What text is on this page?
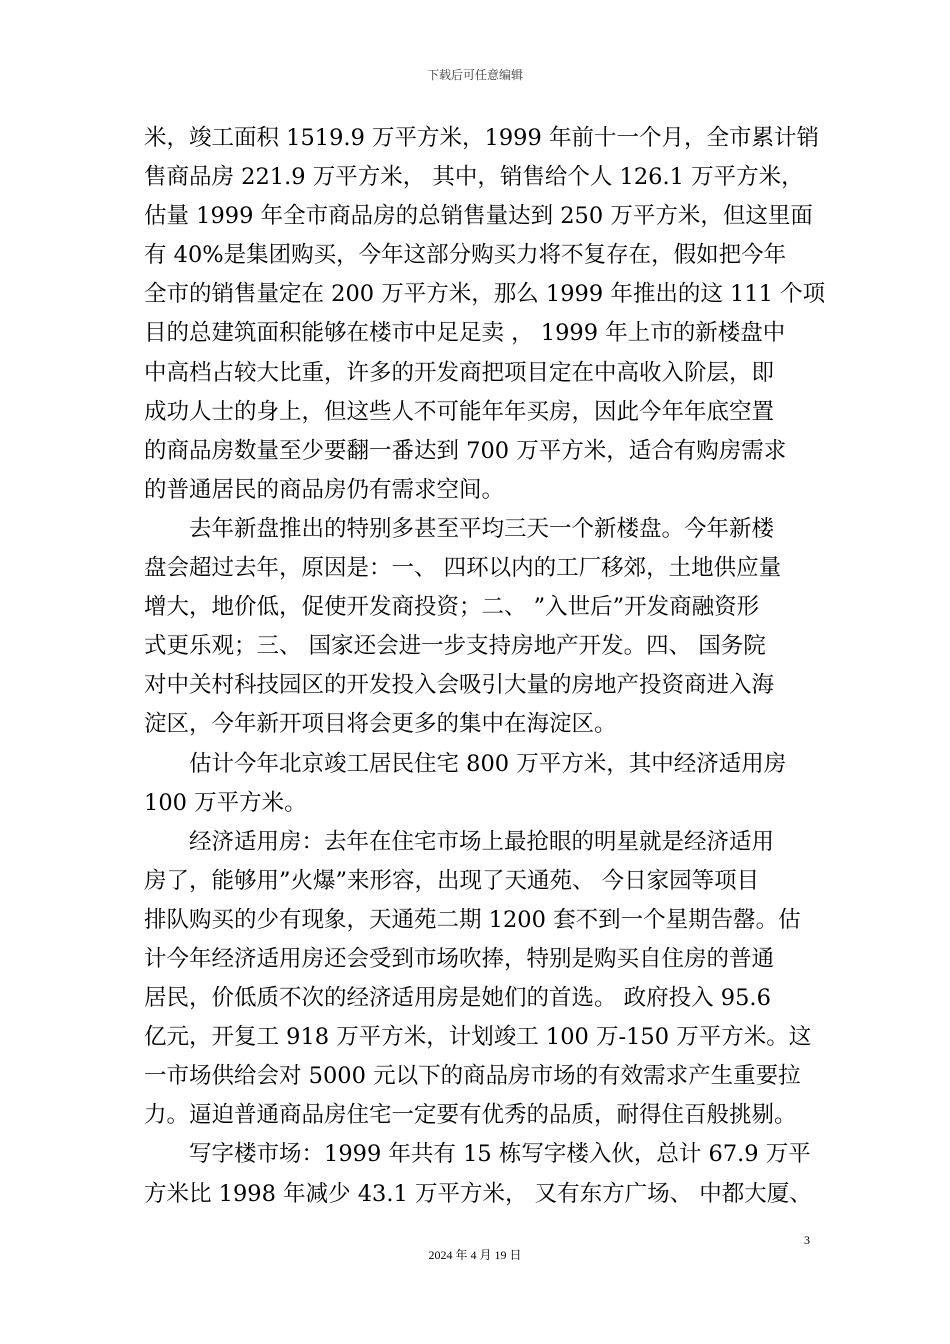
下载后可任意编辑
米，竣工面积 1519.9 万平方米，1999 年前十一个月，全市累计销
售商品房 221.9 万平方米， 其中，销售给个人 126.1 万平方米，
估量 1999 年全市商品房的总销售量达到 250 万平方米，但这里面
有 40%是集团购买，今年这部分购买力将不复存在，假如把今年
全市的销售量定在 200 万平方米，那么 1999 年推出的这 111 个项
目的总建筑面积能够在楼市中足足卖 ， 1999 年上市的新楼盘中
中高档占较大比重，许多的开发商把项目定在中高收入阶层，即
成功人士的身上，但这些人不可能年年买房，因此今年年底空置
的商品房数量至少要翻一番达到 700 万平方米，适合有购房需求
的普通居民的商品房仍有需求空间。
　　去年新盘推出的特别多甚至平均三天一个新楼盘。今年新楼
盘会超过去年，原因是：一、 四环以内的工厂移郊，土地供应量
增大，地价低，促使开发商投资；二、 ”入世后”开发商融资形
式更乐观；三、 国家还会进一步支持房地产开发。四、 国务院
对中关村科技园区的开发投入会吸引大量的房地产投资商进入海
淀区，今年新开项目将会更多的集中在海淀区。
　　估计今年北京竣工居民住宅 800 万平方米，其中经济适用房
100 万平方米。
　　经济适用房：去年在住宅市场上最抢眼的明星就是经济适用
房了，能够用”火爆”来形容，出现了天通苑、 今日家园等项目
排队购买的少有现象，天通苑二期 1200 套不到一个星期告罄。估
计今年经济适用房还会受到市场吹捧，特别是购买自住房的普通
居民，价低质不次的经济适用房是她们的首选。 政府投入 95.6
亿元，开复工 918 万平方米，计划竣工 100 万-150 万平方米。这
一市场供给会对 5000 元以下的商品房市场的有效需求产生重要拉
力。逼迫普通商品房住宅一定要有优秀的品质，耐得住百般挑剔。
　　写字楼市场：1999 年共有 15 栋写字楼入伙，总计 67.9 万平
方米比 1998 年减少 43.1 万平方米， 又有东方广场、 中都大厦、
3
2024 年 4 月 19 日
